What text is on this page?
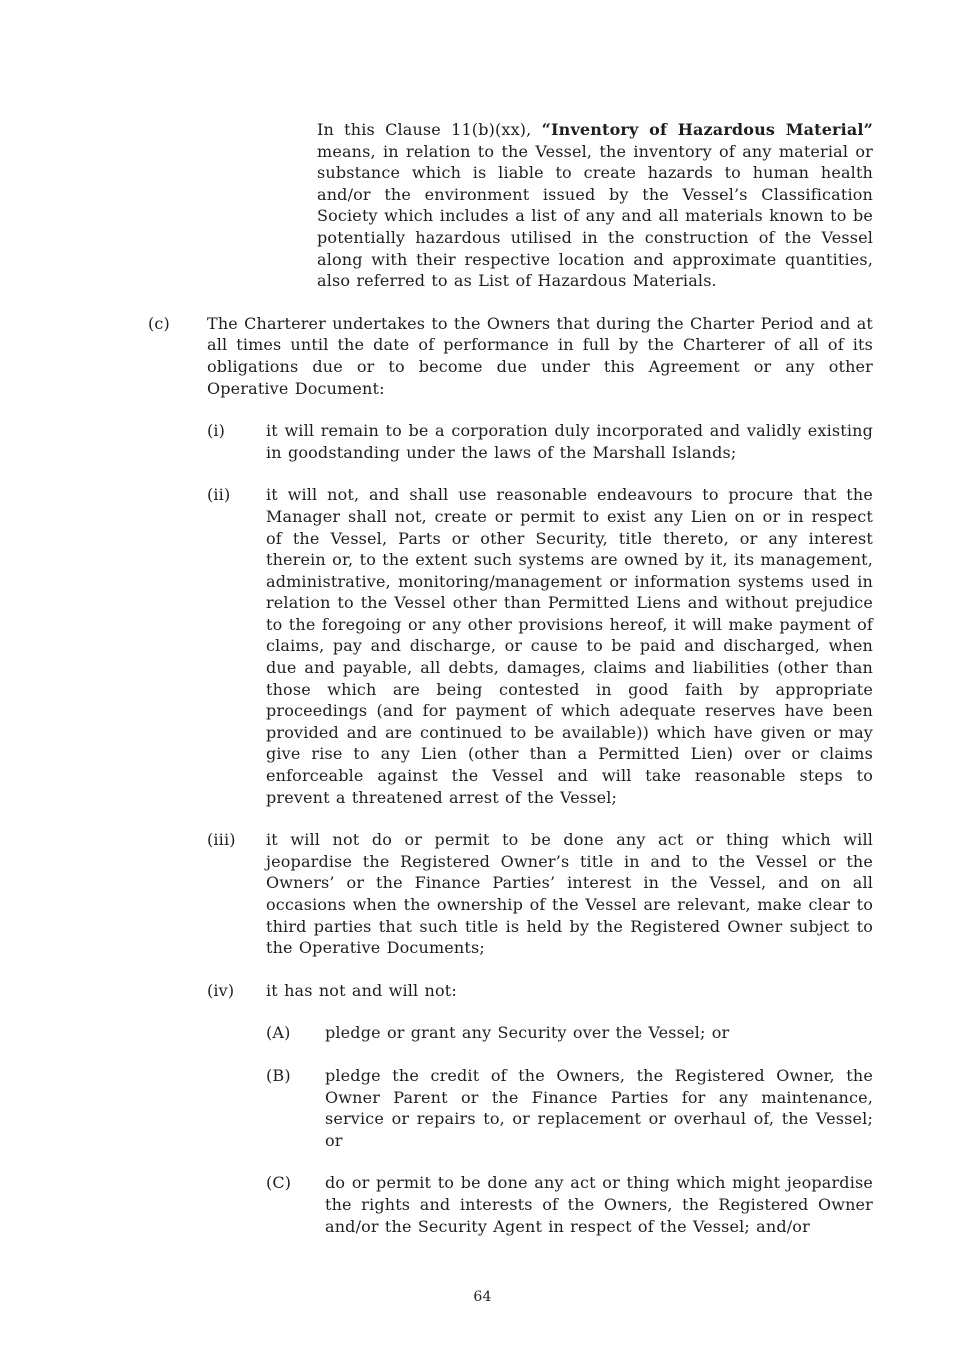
In this Clause 11(b)(xx), “Inventory of Hazardous Material” means, in relation to the Vessel, the inventory of any material or substance which is liable to create hazards to human health and/or the environment issued by the Vessel’s Classification Society which includes a list of any and all materials known to be potentially hazardous utilised in the construction of the Vessel along with their respective location and approximate quantities, also referred to as List of Hazardous Materials.

(c)	The Charterer undertakes to the Owners that during the Charter Period and at all times until the date of performance in full by the Charterer of all of its obligations due or to become due under this Agreement or any other Operative Document:

(i)	it will remain to be a corporation duly incorporated and validly existing in goodstanding under the laws of the Marshall Islands;
(ii)	it will not, and shall use reasonable endeavours to procure that the Manager shall not, create or permit to exist any Lien on or in respect of the Vessel, Parts or other Security, title thereto, or any interest therein or, to the extent such systems are owned by it, its management, administrative, monitoring/management or information systems used in relation to the Vessel other than Permitted Liens and without prejudice to the foregoing or any other provisions hereof, it will make payment of claims, pay and discharge, or cause to be paid and discharged, when due and payable, all debts, damages, claims and liabilities (other than those which are being contested in good faith by appropriate proceedings (and for payment of which adequate reserves have been provided and are continued to be available)) which have given or may give rise to any Lien (other than a Permitted Lien) over or claims enforceable against the Vessel and will take reasonable steps to prevent a threatened arrest of the Vessel;
(iii)	it will not do or permit to be done any act or thing which will jeopardise the Registered Owner’s title in and to the Vessel or the Owners’ or the Finance Parties’ interest in the Vessel, and on all occasions when the ownership of the Vessel are relevant, make clear to third parties that such title is held by the Registered Owner subject to the Operative Documents;
(iv)	it has not and will not:

(A)	pledge or grant any Security over the Vessel; or
(B)	pledge the credit of the Owners, the Registered Owner, the Owner Parent or the Finance Parties for any maintenance, service or repairs to, or replacement or overhaul of, the Vessel; or
(C)	do or permit to be done any act or thing which might jeopardise the rights and interests of the Owners, the Registered Owner and/or the Security Agent in respect of the Vessel; and/or
64
